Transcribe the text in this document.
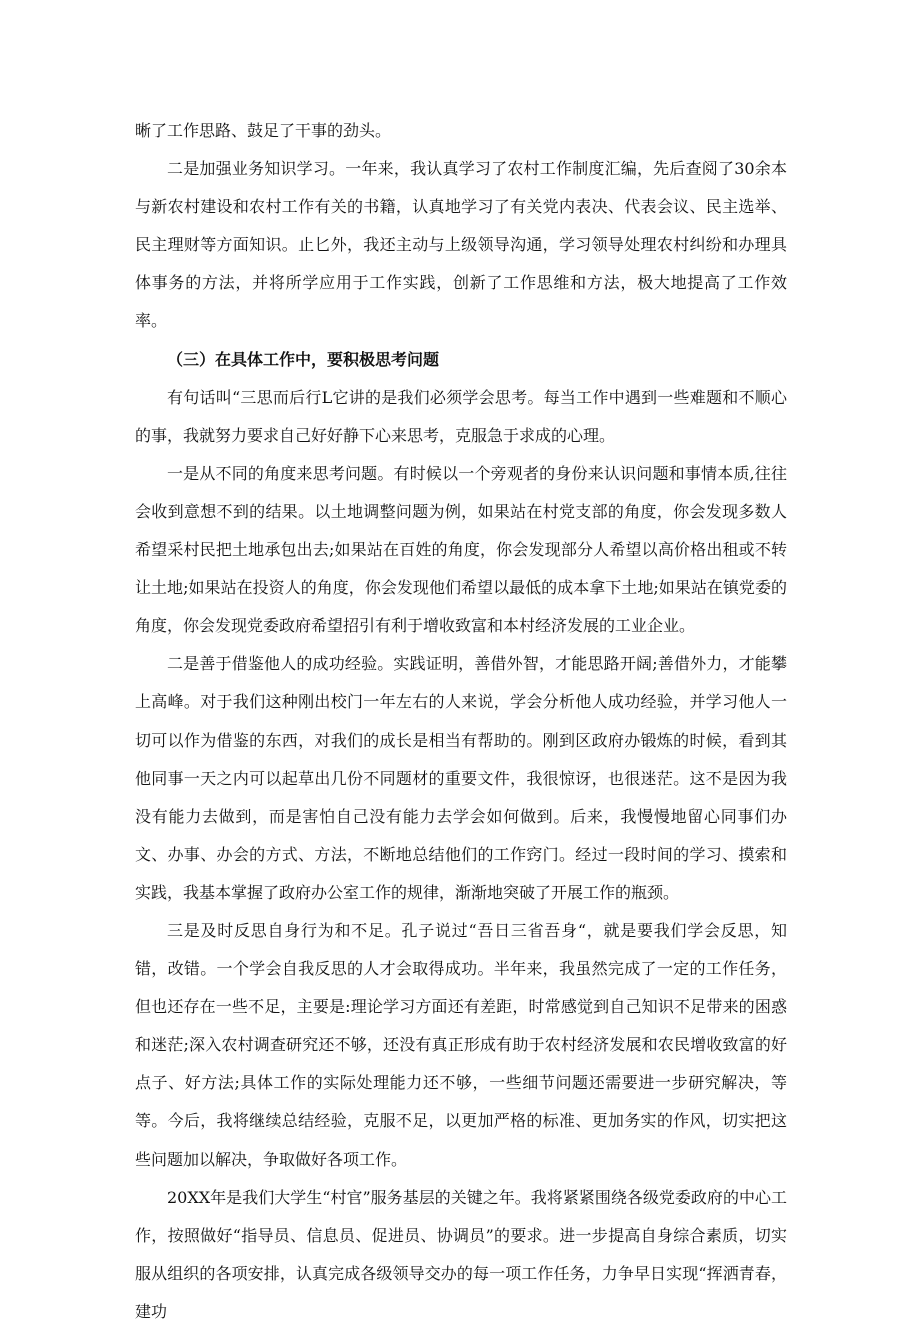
晰了工作思路、鼓足了干事的劲头。

二是加强业务知识学习。一年来，我认真学习了农村工作制度汇编，先后查阅了30余本与新农村建设和农村工作有关的书籍，认真地学习了有关党内表决、代表会议、民主选举、民主理财等方面知识。止匕外，我还主动与上级领导沟通，学习领导处理农村纠纷和办理具体事务的方法，并将所学应用于工作实践，创新了工作思维和方法，极大地提高了工作效率。

（三）在具体工作中，要积极思考问题

有句话叫“三思而后行L它讲的是我们必须学会思考。每当工作中遇到一些难题和不顺心的事，我就努力要求自己好好静下心来思考，克服急于求成的心理。

一是从不同的角度来思考问题。有时候以一个旁观者的身份来认识问题和事情本质,往往会收到意想不到的结果。以土地调整问题为例，如果站在村党支部的角度，你会发现多数人希望采村民把土地承包出去;如果站在百姓的角度，你会发现部分人希望以高价格出租或不转让土地;如果站在投资人的角度，你会发现他们希望以最低的成本拿下土地;如果站在镇党委的角度，你会发现党委政府希望招引有利于增收致富和本村经济发展的工业企业。

二是善于借鉴他人的成功经验。实践证明，善借外智，才能思路开阔;善借外力，才能攀上高峰。对于我们这种刚出校门一年左右的人来说，学会分析他人成功经验，并学习他人一切可以作为借鉴的东西，对我们的成长是相当有帮助的。刚到区政府办锻炼的时候，看到其他同事一天之内可以起草出几份不同题材的重要文件，我很惊讶，也很迷茫。这不是因为我没有能力去做到，而是害怕自己没有能力去学会如何做到。后来，我慢慢地留心同事们办文、办事、办会的方式、方法，不断地总结他们的工作窍门。经过一段时间的学习、摸索和实践，我基本掌握了政府办公室工作的规律，渐渐地突破了开展工作的瓶颈。

三是及时反思自身行为和不足。孔子说过“吾日三省吾身“，就是要我们学会反思，知错，改错。一个学会自我反思的人才会取得成功。半年来，我虽然完成了一定的工作任务，但也还存在一些不足，主要是:理论学习方面还有差距，时常感觉到自己知识不足带来的困惑和迷茫;深入农村调查研究还不够，还没有真正形成有助于农村经济发展和农民增收致富的好点子、好方法;具体工作的实际处理能力还不够，一些细节问题还需要进一步研究解决，等等。今后，我将继续总结经验，克服不足，以更加严格的标准、更加务实的作风，切实把这些问题加以解决，争取做好各项工作。

20XX年是我们大学生“村官”服务基层的关键之年。我将紧紧围绕各级党委政府的中心工作，按照做好“指导员、信息员、促进员、协调员”的要求。进一步提高自身综合素质，切实服从组织的各项安排，认真完成各级领导交办的每一项工作任务，力争早日实现“挥洒青春，建功
